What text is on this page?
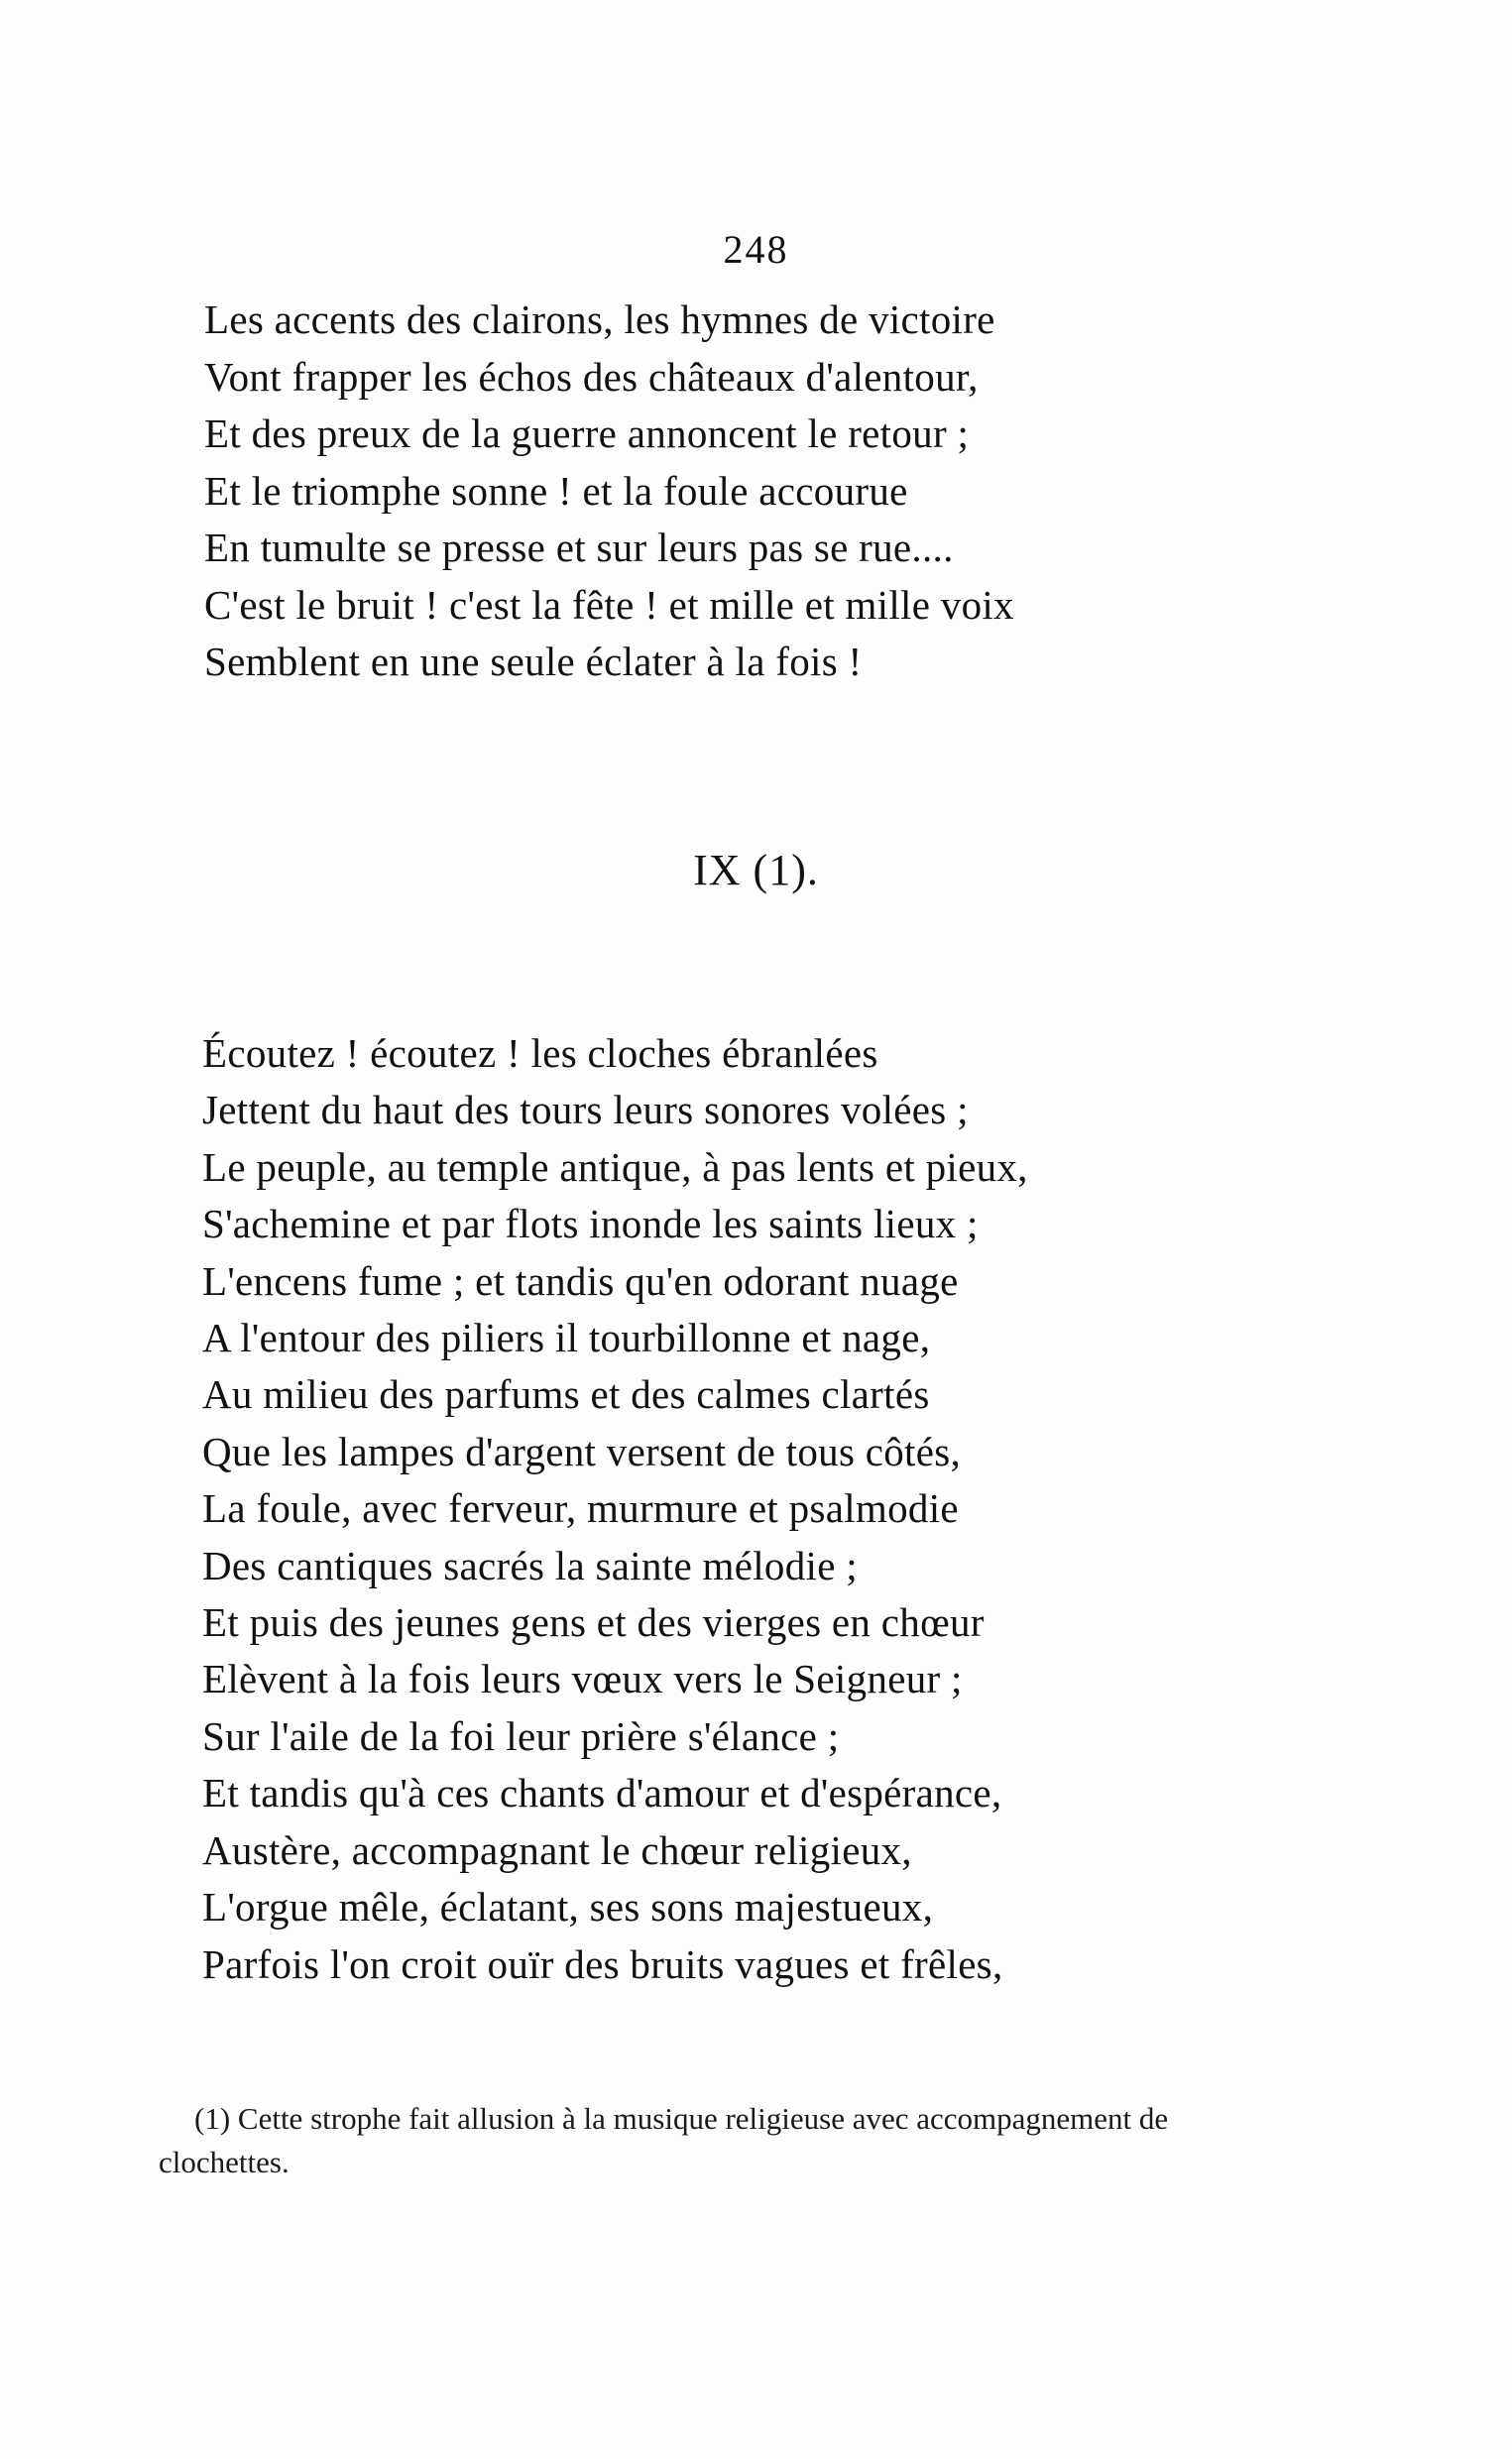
248
Les accents des clairons, les hymnes de victoire
Vont frapper les échos des châteaux d'alentour,
Et des preux de la guerre annoncent le retour ;
Et le triomphe sonne ! et la foule accourue
En tumulte se presse et sur leurs pas se rue....
C'est le bruit ! c'est la fête ! et mille et mille voix
Semblent en une seule éclater à la fois !
IX (1).
Écoutez ! écoutez ! les cloches ébranlées
Jettent du haut des tours leurs sonores volées ;
Le peuple, au temple antique, à pas lents et pieux,
S'achemine et par flots inonde les saints lieux ;
L'encens fume ; et tandis qu'en odorant nuage
A l'entour des piliers il tourbillonne et nage,
Au milieu des parfums et des calmes clartés
Que les lampes d'argent versent de tous côtés,
La foule, avec ferveur, murmure et psalmodie
Des cantiques sacrés la sainte mélodie ;
Et puis des jeunes gens et des vierges en chœur
Elèvent à la fois leurs vœux vers le Seigneur ;
Sur l'aile de la foi leur prière s'élance ;
Et tandis qu'à ces chants d'amour et d'espérance,
Austère, accompagnant le chœur religieux,
L'orgue mêle, éclatant, ses sons majestueux,
Parfois l'on croit ouïr des bruits vagues et frêles,

(1) Cette strophe fait allusion à la musique religieuse avec accompagnement de clochettes.
